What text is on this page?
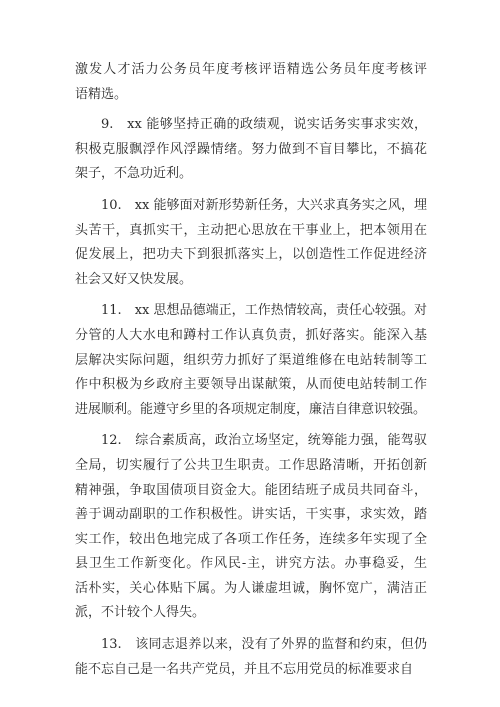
激发人才活力公务员年度考核评语精选公务员年度考核评
语精选。
9.　xx 能够坚持正确的政绩观，说实话务实事求实效，
积极克服飘浮作风浮躁情绪。努力做到不盲目攀比，不搞花
架子，不急功近利。
10.　xx 能够面对新形势新任务，大兴求真务实之风，埋
头苦干，真抓实干，主动把心思放在干事业上，把本领用在
促发展上，把功夫下到狠抓落实上，以创造性工作促进经济
社会又好又快发展。
11.　xx 思想品德端正，工作热情较高，责任心较强。对
分管的人大水电和蹲村工作认真负责，抓好落实。能深入基
层解决实际问题，组织劳力抓好了渠道维修在电站转制等工
作中积极为乡政府主要领导出谋献策，从而使电站转制工作
进展顺利。能遵守乡里的各项规定制度，廉洁自律意识较强。
12.　综合素质高，政治立场坚定，统筹能力强，能驾驭
全局，切实履行了公共卫生职责。工作思路清晰，开拓创新
精神强，争取国债项目资金大。能团结班子成员共同奋斗，
善于调动副职的工作积极性。讲实话，干实事，求实效，踏
实工作，较出色地完成了各项工作任务，连续多年实现了全
县卫生工作新变化。作风民-主，讲究方法。办事稳妥，生
活朴实，关心体贴下属。为人谦虚坦诚，胸怀宽广，满洁正
派，不计较个人得失。
13.　该同志退养以来，没有了外界的监督和约束，但仍
能不忘自己是一名共产党员，并且不忘用党员的标准要求自
